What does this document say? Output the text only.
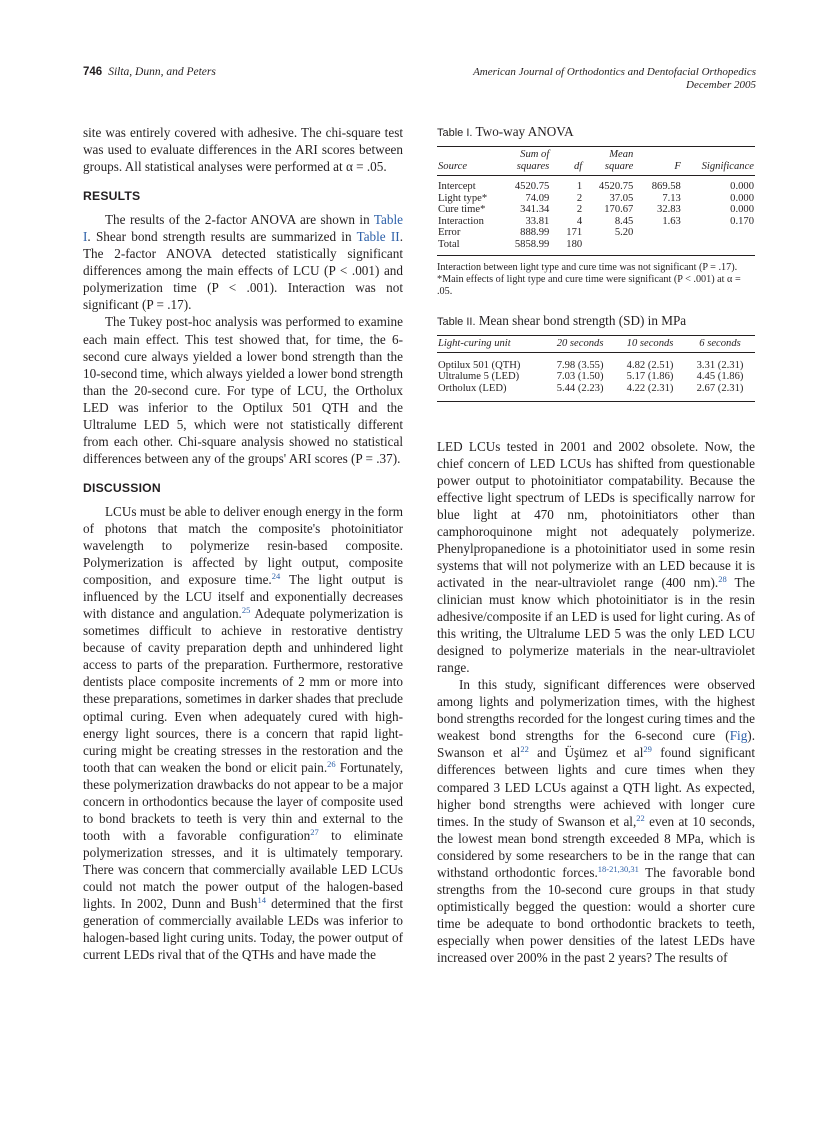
746 Silta, Dunn, and Peters	American Journal of Orthodontics and Dentofacial Orthopedics
December 2005

site was entirely covered with adhesive. The chi-square test was used to evaluate differences in the ARI scores between groups. All statistical analyses were performed at α = .05.

RESULTS

The results of the 2-factor ANOVA are shown in Table I. Shear bond strength results are summarized in Table II. The 2-factor ANOVA detected statistically significant differences among the main effects of LCU (P < .001) and polymerization time (P < .001). Interaction was not significant (P = .17).

The Tukey post-hoc analysis was performed to examine each main effect. This test showed that, for time, the 6-second cure always yielded a lower bond strength than the 10-second time, which always yielded a lower bond strength than the 20-second cure. For type of LCU, the Ortholux LED was inferior to the Optilux 501 QTH and the Ultralume LED 5, which were not statistically different from each other. Chi-square analysis showed no statistical differences between any of the groups' ARI scores (P = .37).

DISCUSSION

LCUs must be able to deliver enough energy in the form of photons that match the composite's photoinitiator wavelength to polymerize resin-based composite. Polymerization is affected by light output, composite composition, and exposure time.$^{24}$ The light output is influenced by the LCU itself and exponentially decreases with distance and angulation.$^{25}$ Adequate polymerization is sometimes difficult to achieve in restorative dentistry because of cavity preparation depth and unhindered light access to parts of the preparation. Furthermore, restorative dentists place composite increments of 2 mm or more into these preparations, sometimes in darker shades that preclude optimal curing. Even when adequately cured with high-energy light sources, there is a concern that rapid light-curing might be creating stresses in the restoration and the tooth that can weaken the bond or elicit pain.$^{26}$ Fortunately, these polymerization drawbacks do not appear to be a major concern in orthodontics because the layer of composite used to bond brackets to teeth is very thin and external to the tooth with a favorable configuration$^{27}$ to eliminate polymerization stresses, and it is ultimately temporary. There was concern that commercially available LED LCUs could not match the power output of the halogen-based lights. In 2002, Dunn and Bush$^{14}$ determined that the first generation of commercially available LEDs was inferior to halogen-based light curing units. Today, the power output of current LEDs rival that of the QTHs and have made the

Table I. Two-way ANOVA
Source	Sum of squares	df	Mean square	F	Significance
Intercept	4520.75	1	4520.75	869.58	0.000
Light type*	74.09	2	37.05	7.13	0.000
Cure time*	341.34	2	170.67	32.83	0.000
Interaction	33.81	4	8.45	1.63	0.170
Error	888.99	171	5.20		
Total	5858.99	180			
Interaction between light type and cure time was not significant (P = .17).
*Main effects of light type and cure time were significant (P < .001) at α = .05.
Table II. Mean shear bond strength (SD) in MPa
Light-curing unit	20 seconds	10 seconds	6 seconds
Optilux 501 (QTH)	7.98 (3.55)	4.82 (2.51)	3.31 (2.31)
Ultralume 5 (LED)	7.03 (1.50)	5.17 (1.86)	4.45 (1.86)
Ortholux (LED)	5.44 (2.23)	4.22 (2.31)	2.67 (2.31)

LED LCUs tested in 2001 and 2002 obsolete. Now, the chief concern of LED LCUs has shifted from questionable power output to photoinitiator compatability. Because the effective light spectrum of LEDs is specifically narrow for blue light at 470 nm, photoinitiators other than camphoroquinone might not adequately polymerize. Phenylpropanedione is a photoinitiator used in some resin systems that will not polymerize with an LED because it is activated in the near-ultraviolet range (400 nm).$^{28}$ The clinician must know which photoinitiator is in the resin adhesive/composite if an LED is used for light curing. As of this writing, the Ultralume LED 5 was the only LED LCU designed to polymerize materials in the near-ultraviolet range.

In this study, significant differences were observed among lights and polymerization times, with the highest bond strengths recorded for the longest curing times and the weakest bond strengths for the 6-second cure (Fig). Swanson et al$^{22}$ and Üşümez et al$^{29}$ found significant differences between lights and cure times when they compared 3 LED LCUs against a QTH light. As expected, higher bond strengths were achieved with longer cure times. In the study of Swanson et al,$^{22}$ even at 10 seconds, the lowest mean bond strength exceeded 8 MPa, which is considered by some researchers to be in the range that can withstand orthodontic forces.$^{18-21,30,31}$ The favorable bond strengths from the 10-second cure groups in that study optimistically begged the question: would a shorter cure time be adequate to bond orthodontic brackets to teeth, especially when power densities of the latest LEDs have increased over 200% in the past 2 years? The results of
